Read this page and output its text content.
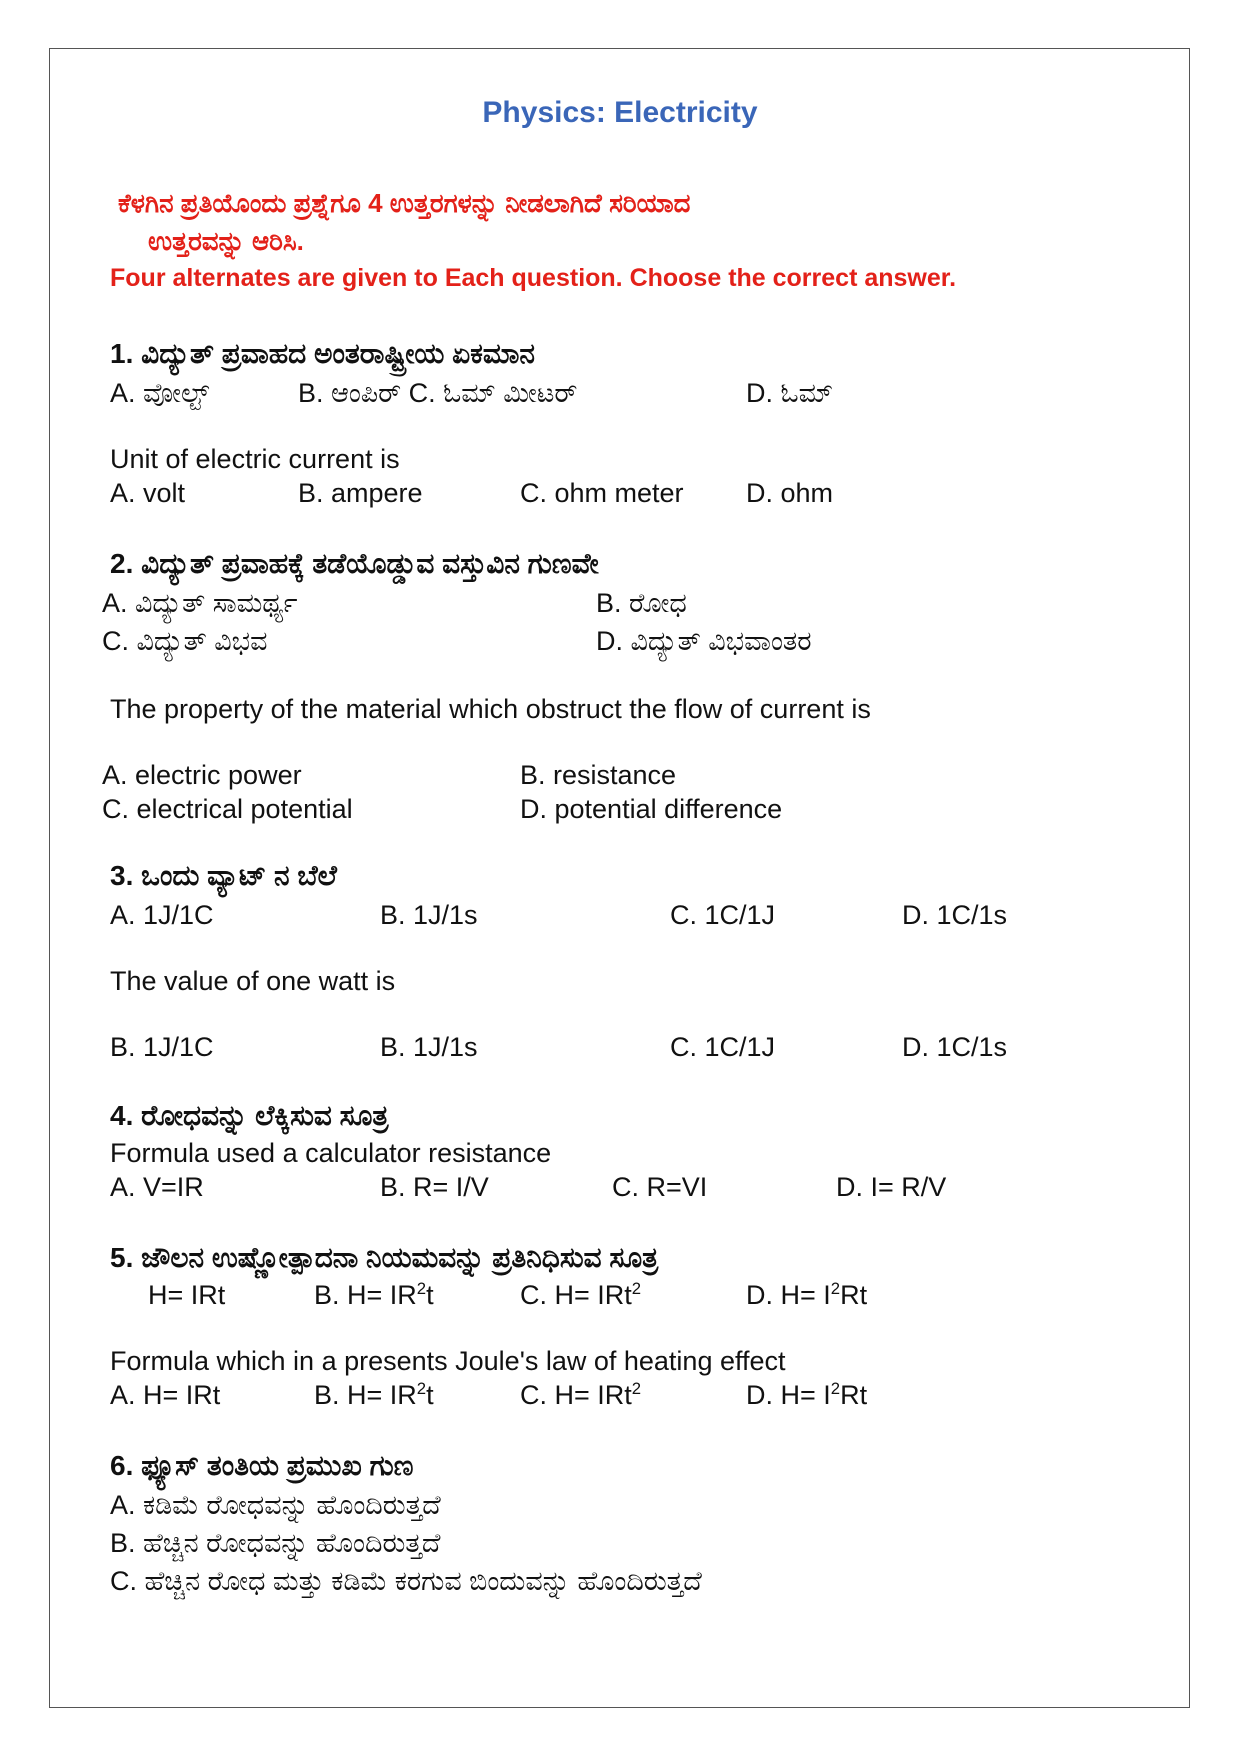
Physics: Electricity
ಕೆಳಗಿನ ಪ್ರತಿಯೊಂದು ಪ್ರಶ್ನೆಗೂ 4 ಉತ್ತರಗಳನ್ನು ನೀಡಲಾಗಿದೆ ಸರಿಯಾದ
ಉತ್ತರವನ್ನು ಆರಿಸಿ.
Four alternates are given to Each question. Choose the correct answer.
1. ವಿದ್ಯುತ್ ಪ್ರವಾಹದ ಅಂತರಾಷ್ಟ್ರೀಯ ಏಕಮಾನ
A. ವೋಲ್ಟ್	B. ಆಂಪಿರ್ C. ಓಮ್ ಮೀಟರ್	D. ಓಮ್
Unit of electric current is
A. volt	B. ampere	C. ohm meter D. ohm
2. ವಿದ್ಯುತ್ ಪ್ರವಾಹಕ್ಕೆ ತಡೆಯೊಡ್ಡುವ ವಸ್ತುವಿನ ಗುಣವೇ
A. ವಿದ್ಯುತ್ ಸಾಮರ್ಥ್ಯ	B. ರೋಧ
C. ವಿದ್ಯುತ್ ವಿಭವ	D. ವಿದ್ಯುತ್ ವಿಭವಾಂತರ
The property of the material which obstruct the flow of current is
A. electric power	B. resistance
C. electrical potential	D. potential difference
3. ಒಂದು ವ್ಯಾಟ್ ನ ಬೆಲೆ
A. 1J/1C	B. 1J/1s	C. 1C/1J	D. 1C/1s
The value of one watt is
B. 1J/1C	B. 1J/1s	C. 1C/1J	D. 1C/1s
4. ರೋಧವನ್ನು ಲೆಕ್ಕಿಸುವ ಸೂತ್ರ
Formula used a calculator resistance
A. V=IR	B. R= I/V	C. R=VI	D. I= R/V
5. ಜೌಲನ ಉಷ್ಣೋತ್ಪಾದನಾ ನಿಯಮವನ್ನು ಪ್ರತಿನಿಧಿಸುವ ಸೂತ್ರ
H= IRt	B. $H= IR^2t$	C. H= IRt$^2$	D. $H= I^2Rt$
Formula which in a presents Joule's law of heating effect
A. H= IRt	B. $H= IR^2t$	C. H= IRt$^2$	D. $H= I^2Rt$
6. ಫ್ಯೂಸ್ ತಂತಿಯ ಪ್ರಮುಖ ಗುಣ
A. ಕಡಿಮೆ ರೋಧವನ್ನು ಹೊಂದಿರುತ್ತದೆ
B. ಹೆಚ್ಚಿನ ರೋಧವನ್ನು ಹೊಂದಿರುತ್ತದೆ
C. ಹೆಚ್ಚಿನ ರೋಧ ಮತ್ತು ಕಡಿಮೆ ಕರಗುವ ಬಿಂದುವನ್ನು ಹೊಂದಿರುತ್ತದೆ
